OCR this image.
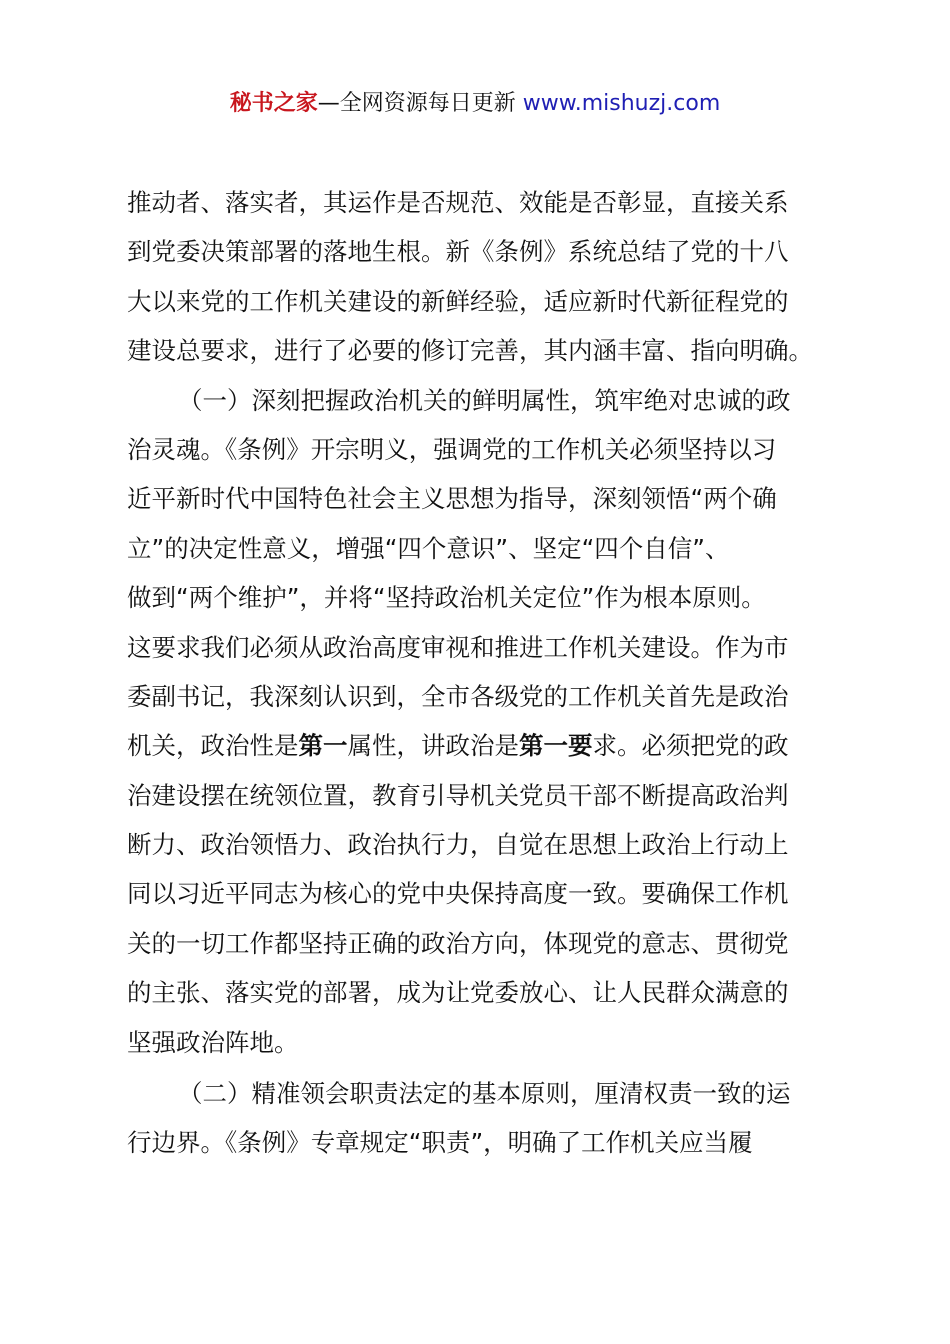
秘书之家—全网资源每日更新 www.mishuzj.com
推动者、落实者，其运作是否规范、效能是否彰显，直接关系
到党委决策部署的落地生根。新《条例》系统总结了党的十八
大以来党的工作机关建设的新鲜经验，适应新时代新征程党的
建设总要求，进行了必要的修订完善，其内涵丰富、指向明确。
（一）深刻把握政治机关的鲜明属性，筑牢绝对忠诚的政
治灵魂。《条例》开宗明义，强调党的工作机关必须坚持以习
近平新时代中国特色社会主义思想为指导，深刻领悟“两个确
立”的决定性意义，增强“四个意识”、坚定“四个自信”、
做到“两个维护”，并将“坚持政治机关定位”作为根本原则。
这要求我们必须从政治高度审视和推进工作机关建设。作为市
委副书记，我深刻认识到，全市各级党的工作机关首先是政治
机关，政治性是第一属性，讲政治是第一要求。必须把党的政
治建设摆在统领位置，教育引导机关党员干部不断提高政治判
断力、政治领悟力、政治执行力，自觉在思想上政治上行动上
同以习近平同志为核心的党中央保持高度一致。要确保工作机
关的一切工作都坚持正确的政治方向，体现党的意志、贯彻党
的主张、落实党的部署，成为让党委放心、让人民群众满意的
坚强政治阵地。
（二）精准领会职责法定的基本原则，厘清权责一致的运
行边界。《条例》专章规定“职责”，明确了工作机关应当履
